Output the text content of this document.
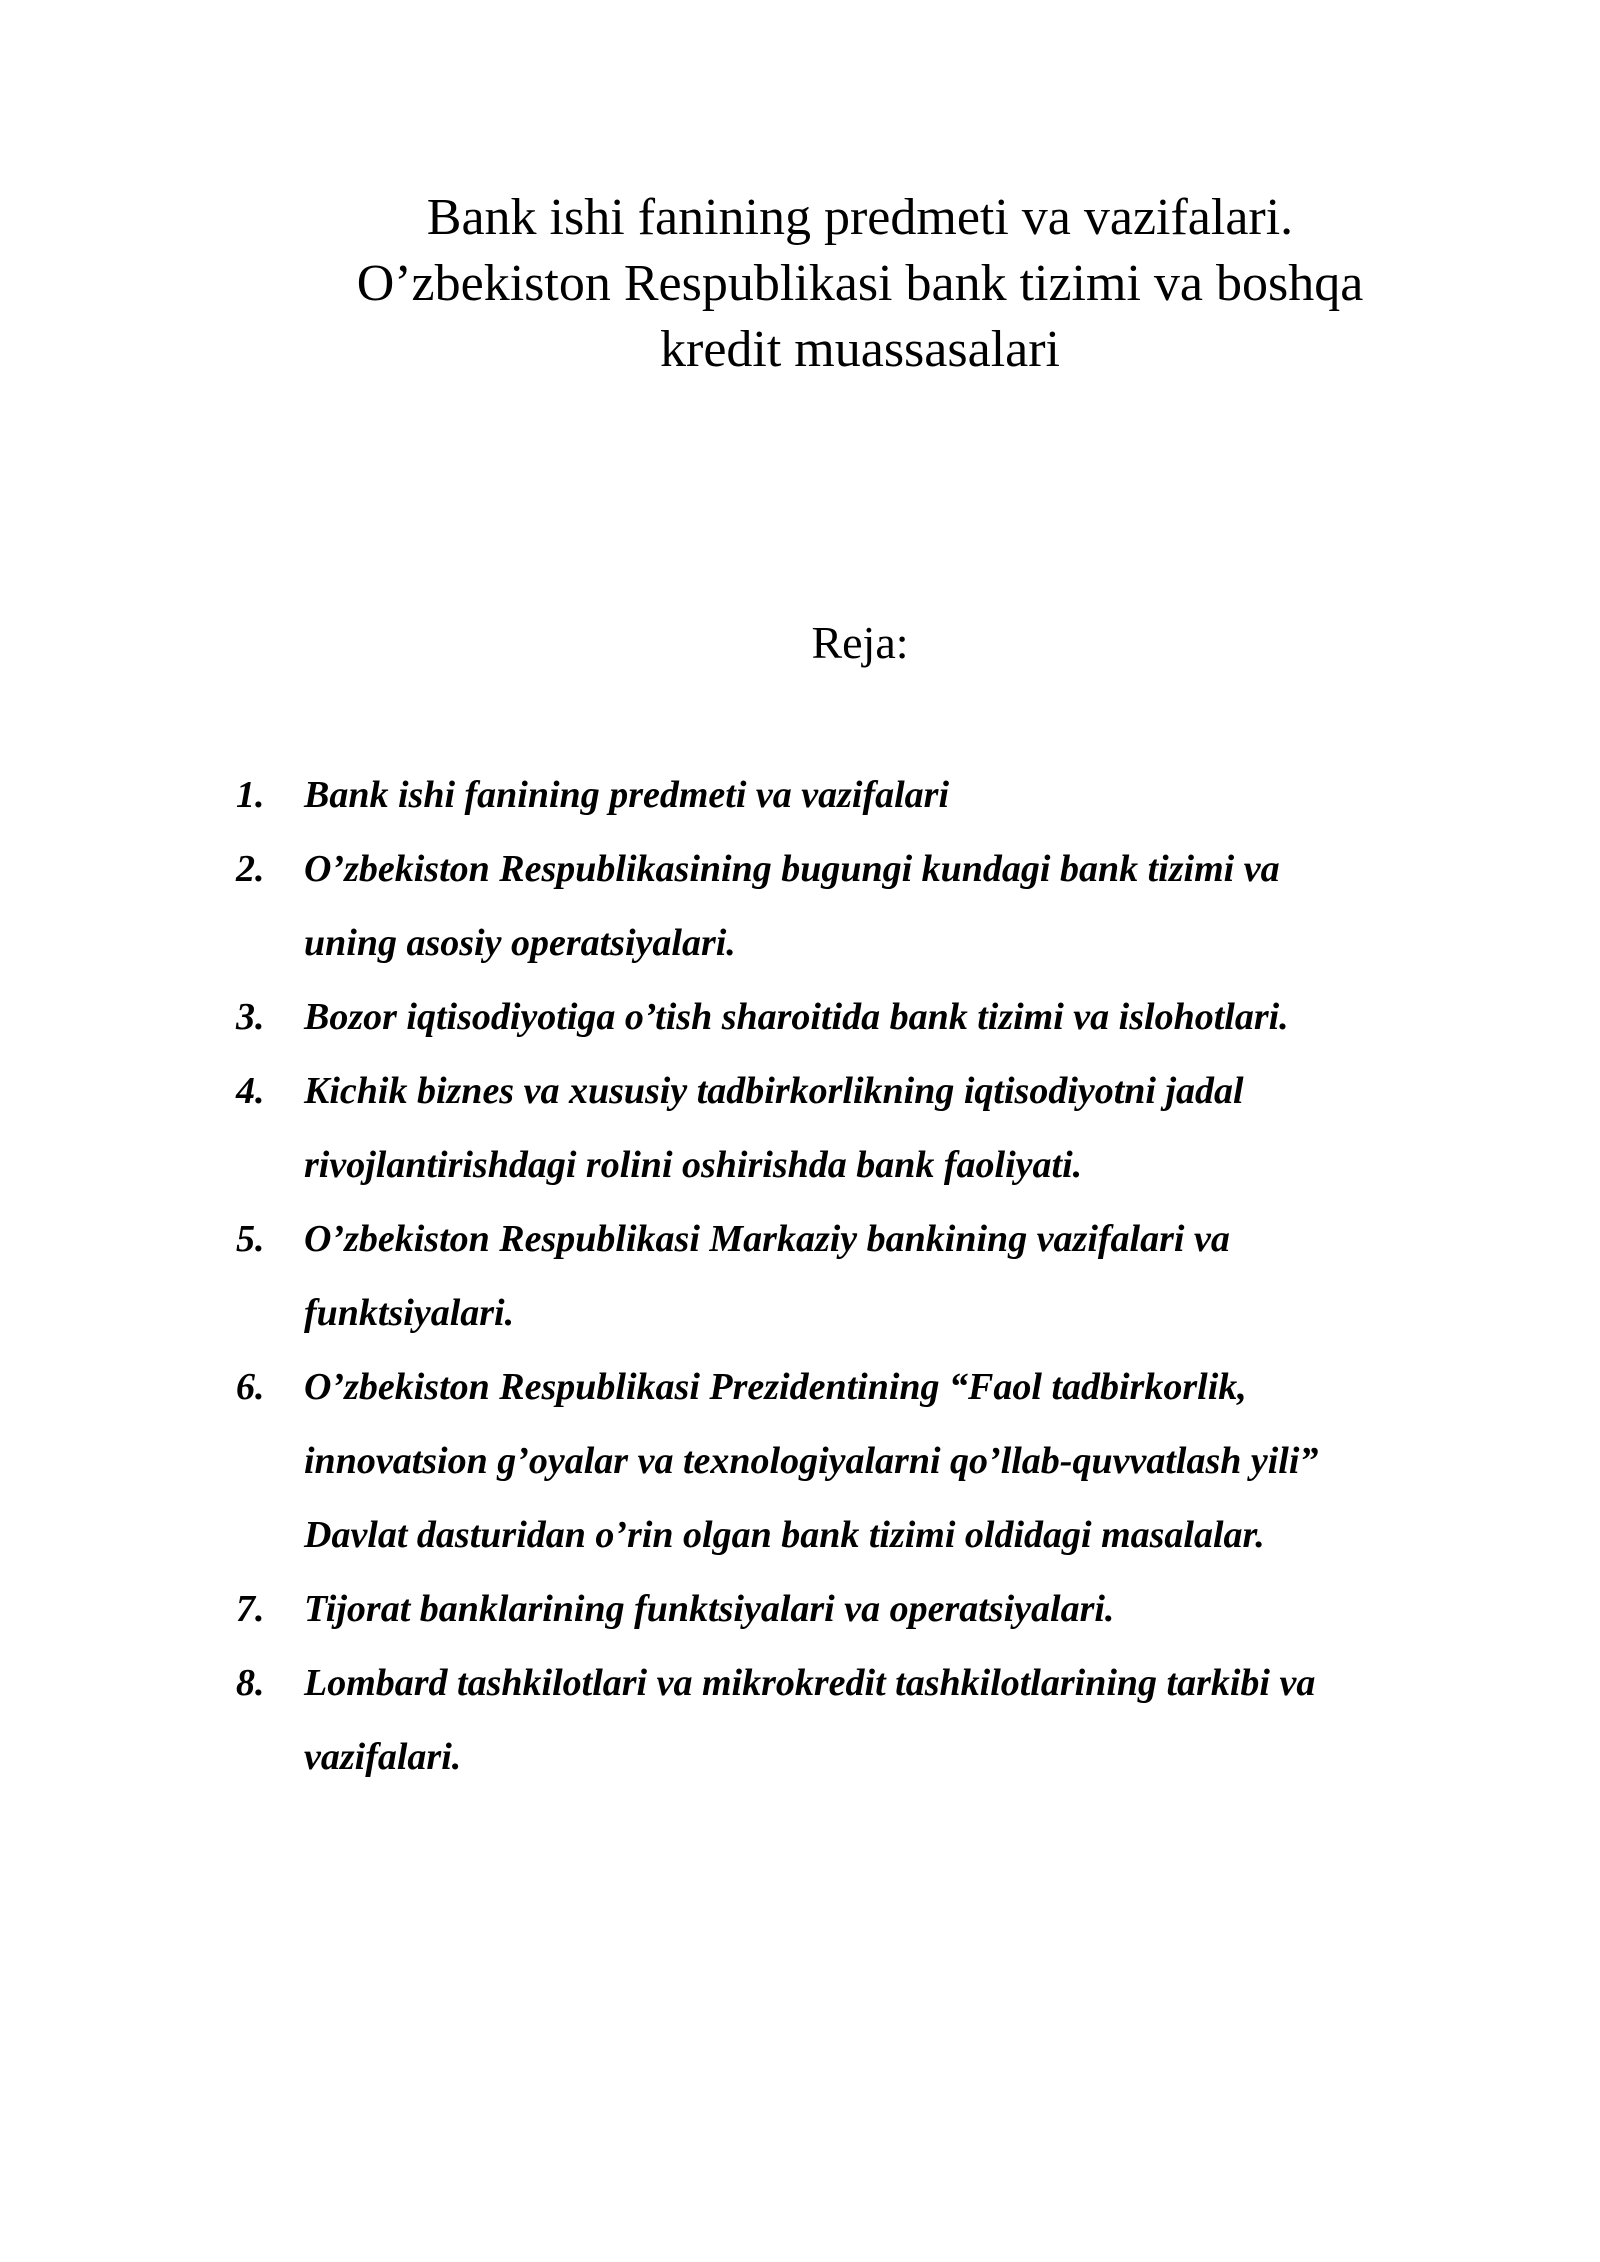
Bank ishi fanining predmeti va vazifalari.
O’zbekiston Respublikasi bank tizimi va boshqa
kredit muassasalari
Reja:
1.	Bank ishi fanining predmeti va vazifalari
2.	O’zbekiston Respublikasining bugungi kundagi bank tizimi va
uning asosiy operatsiyalari.
3.	Bozor iqtisodiyotiga o’tish sharoitida bank tizimi va islohotlari.
4.	Kichik biznes va xususiy tadbirkorlikning iqtisodiyotni jadal
rivojlantirishdagi rolini oshirishda bank faoliyati.
5.	O’zbekiston Respublikasi Markaziy bankining vazifalari va
funktsiyalari.
6.	O’zbekiston Respublikasi Prezidentining “Faol tadbirkorlik,
innovatsion g’oyalar va texnologiyalarni qo’llab-quvvatlash yili”
Davlat dasturidan o’rin olgan bank tizimi oldidagi masalalar.
7.	Tijorat banklarining funktsiyalari va operatsiyalari.
8.	Lombard tashkilotlari va mikrokredit tashkilotlarining tarkibi va
vazifalari.
